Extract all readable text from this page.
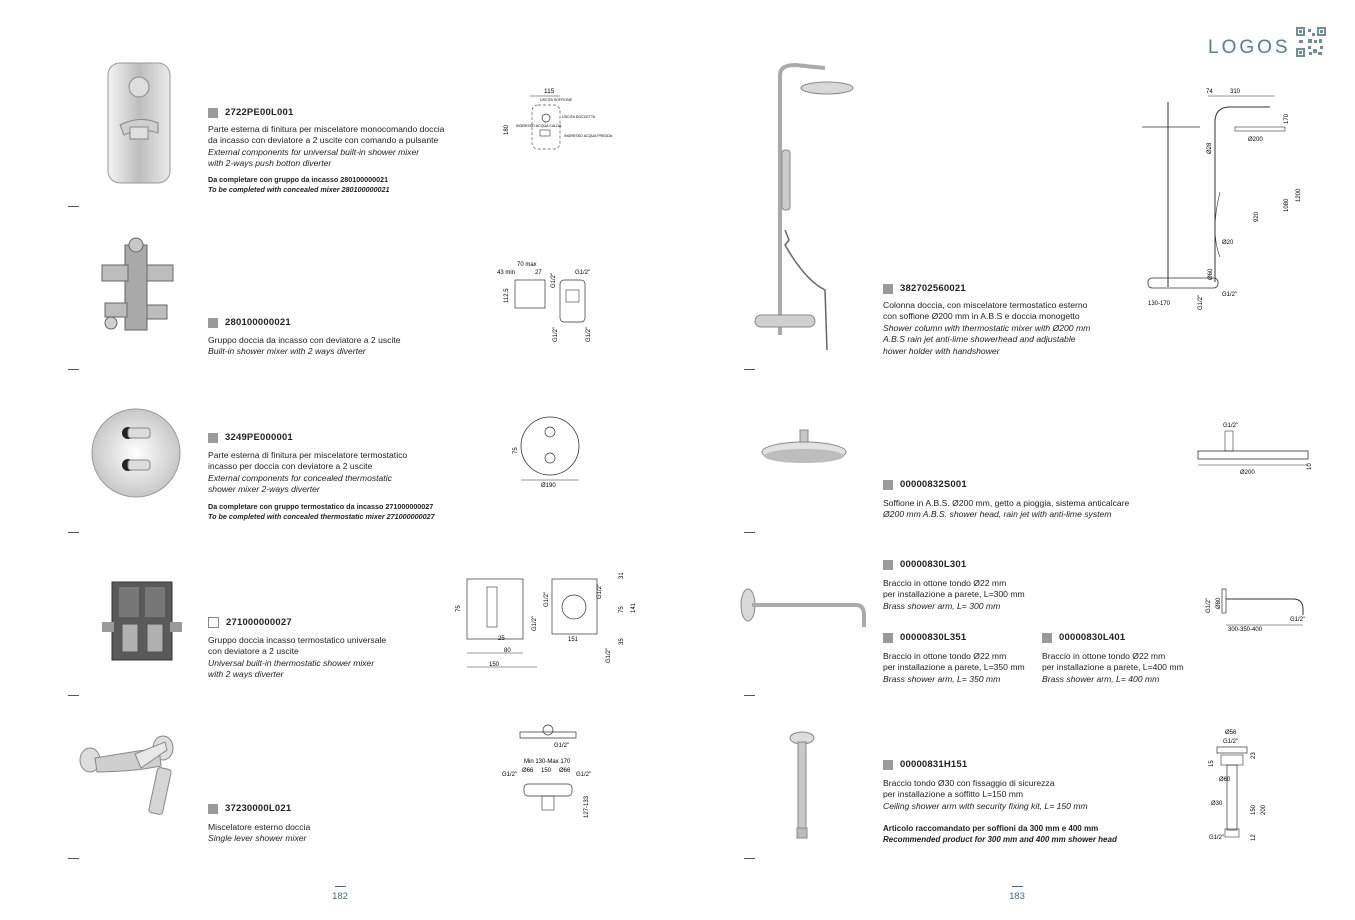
LOGOS
2722PE00L001
Parte esterna di finitura per miscelatore monocomando doccia
da incasso con deviatore a 2 uscite con comando a pulsante
External components for universal built-in shower mixer
with 2-ways push botton diverter
Da completare con gruppo da incasso 280100000021
To be completed with concealed mixer 280100000021
115
USCITA SOFFIONE
180
USCITA DOCCETTA
INGRESSO ACQUA CALDA
INGRESSO ACQUA FREDDA
280100000021
Gruppo doccia da incasso con deviatore a 2 uscite
Built-in shower mixer with 2 ways diverter
70 max
43 min	27	G1/2"
G1/2"
112.5
G1/2"	G1/2"
3249PE000001
Parte esterna di finitura per miscelatore termostatico
incasso per doccia con deviatore a 2 uscite
External components for concealed thermostatic
shower mixer 2-ways diverter
Da completare con gruppo termostatico da incasso 271000000027
To be completed with concealed thermostatic mixer 271000000027
75
Ø190
271000000027
Gruppo doccia incasso termostatico universale
con deviatore a 2 uscite
Universal built-in thermostatic shower mixer
with 2 ways diverter
75
25
80
150
G1/2"
G1/2"
G1/2"
151
31
75 141
35
G1/2"
37230000L021
Miscelatore esterno doccia
Single lever shower mixer
G1/2"
Min 130-Max 170
G1/2"
Ø66 150 Ø66
G1/2"
127-133
382702560021
Colonna doccia, con miscelatore termostatico esterno
con soffione Ø200 mm in A.B.S e doccia monogetto
Shower column with thermostatic mixer with Ø200 mm
A.B.S rain jet anti-lime showerhead and adjustable
hower holder with handshower
74	310
Ø200
170
Ø28
920
1080
1200
Ø20
Ø60
130-170	G1/2"	G1/2"
00000832S001
Soffione in A.B.S. Ø200 mm, getto a pioggia, sistema anticalcare
Ø200 mm A.B.S. shower head, rain jet with anti-lime system
G1/2"
Ø200
10
00000830L301
Braccio in ottone tondo Ø22 mm
per installazione a parete, L=300 mm
Brass shower arm, L= 300 mm
00000830L351
Braccio in ottone tondo Ø22 mm
per installazione a parete, L=350 mm
Brass shower arm, L= 350 mm
00000830L401
Braccio in ottone tondo Ø22 mm
per installazione a parete, L=400 mm
Brass shower arm, L= 400 mm
G1/2" Ø80
G1/2"
300-350-400
00000831H151
Braccio tondo Ø30 con fissaggio di sicurezza
per installazione a soffitto L=150 mm
Ceiling shower arm with security fixing kit, L= 150 mm
Articolo raccomandato per soffioni da 300 mm e 400 mm
Recommended product for 300 mm and 400 mm shower head
Ø56
G1/2"
23
15
Ø60
150 200
Ø30
12
G1/2"
182	183
